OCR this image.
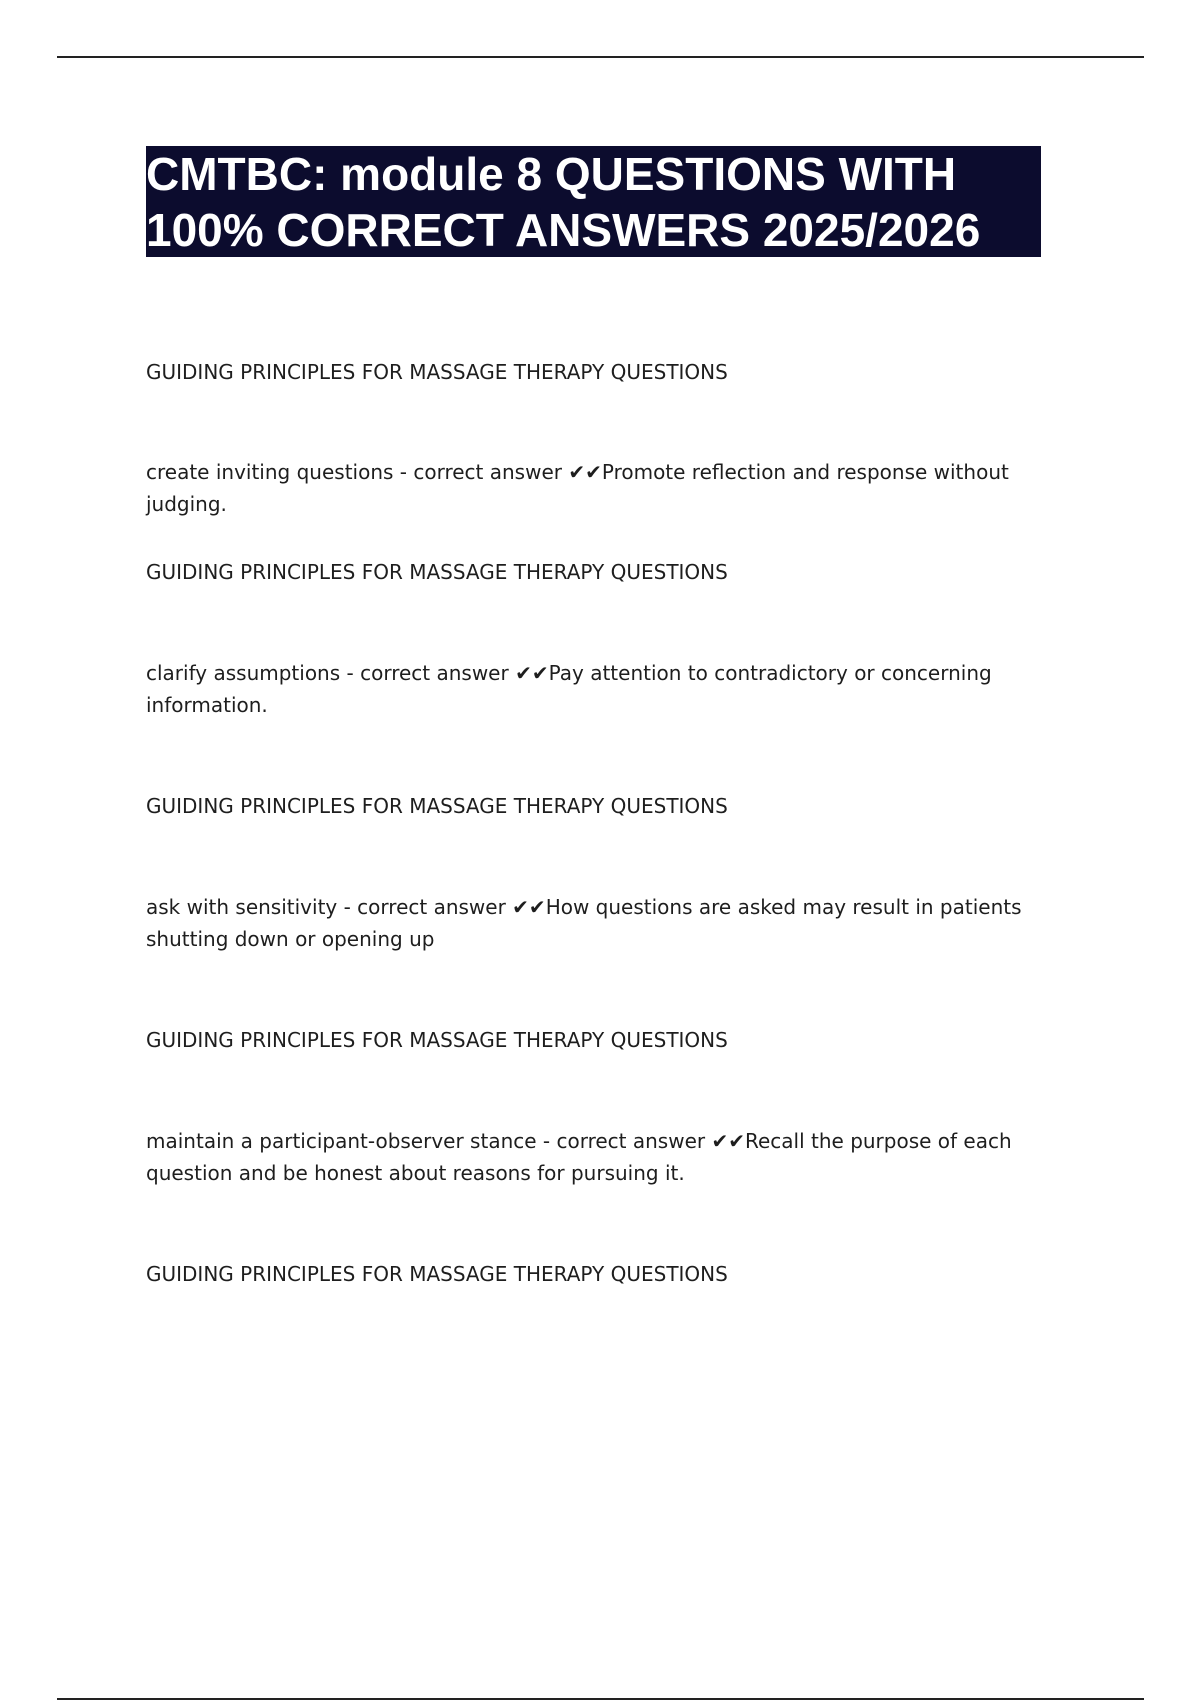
CMTBC: module 8 QUESTIONS WITH
100% CORRECT ANSWERS 2025/2026

GUIDING PRINCIPLES FOR MASSAGE THERAPY QUESTIONS

create inviting questions - correct answer ✔✔Promote reflection and response without judging.

GUIDING PRINCIPLES FOR MASSAGE THERAPY QUESTIONS

clarify assumptions - correct answer ✔✔Pay attention to contradictory or concerning information.

GUIDING PRINCIPLES FOR MASSAGE THERAPY QUESTIONS

ask with sensitivity - correct answer ✔✔How questions are asked may result in patients shutting down or opening up

GUIDING PRINCIPLES FOR MASSAGE THERAPY QUESTIONS

maintain a participant-observer stance - correct answer ✔✔Recall the purpose of each question and be honest about reasons for pursuing it.

GUIDING PRINCIPLES FOR MASSAGE THERAPY QUESTIONS
